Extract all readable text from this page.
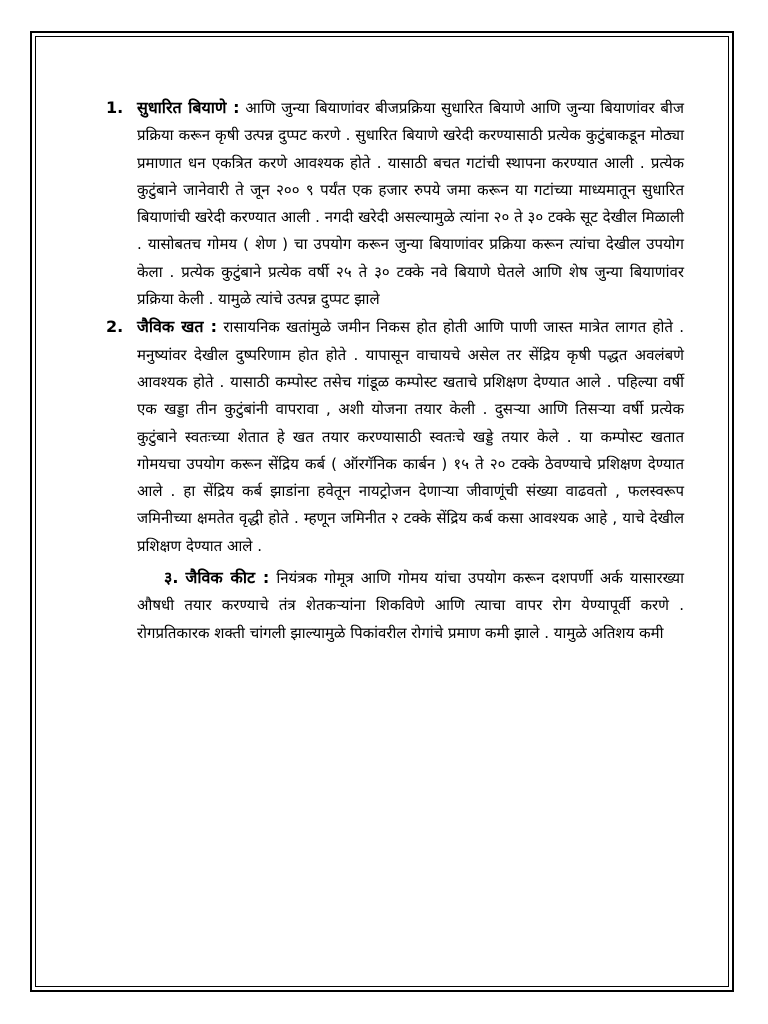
1. सुधारित बियाणे : आणि जुन्या बियाणांवर बीजप्रक्रिया सुधारित बियाणे आणि जुन्या बियाणांवर बीज प्रक्रिया करून कृषी उत्पन्न दुप्पट करणे . सुधारित बियाणे खरेदी करण्यासाठी प्रत्येक कुटुंबाकडून मोठ्या प्रमाणात धन एकत्रित करणे आवश्यक होते . यासाठी बचत गटांची स्थापना करण्यात आली . प्रत्येक कुटुंबाने जानेवारी ते जून २०० ९ पर्यंत एक हजार रुपये जमा करून या गटांच्या माध्यमातून सुधारित बियाणांची खरेदी करण्यात आली . नगदी खरेदी असल्यामुळे त्यांना २० ते ३० टक्के सूट देखील मिळाली . यासोबतच गोमय ( शेण ) चा उपयोग करून जुन्या बियाणांवर प्रक्रिया करून त्यांचा देखील उपयोग केला . प्रत्येक कुटुंबाने प्रत्येक वर्षी २५ ते ३० टक्के नवे बियाणे घेतले आणि शेष जुन्या बियाणांवर प्रक्रिया केली . यामुळे त्यांचे उत्पन्न दुप्पट झाले
2. जैविक खत : रासायनिक खतांमुळे जमीन निकस होत होती आणि पाणी जास्त मात्रेत लागत होते . मनुष्यांवर देखील दुष्परिणाम होत होते . यापासून वाचायचे असेल तर सेंद्रिय कृषी पद्धत अवलंबणे आवश्यक होते . यासाठी कम्पोस्ट तसेच गांडूळ कम्पोस्ट खताचे प्रशिक्षण देण्यात आले . पहिल्या वर्षी एक खड्डा तीन कुटुंबांनी वापरावा , अशी योजना तयार केली . दुसऱ्या आणि तिसऱ्या वर्षी प्रत्येक कुटुंबाने स्वतःच्या शेतात हे खत तयार करण्यासाठी स्वतःचे खड्डे तयार केले . या कम्पोस्ट खतात गोमयचा उपयोग करून सेंद्रिय कर्ब ( ऑरगॅनिक कार्बन ) १५ ते २० टक्के ठेवण्याचे प्रशिक्षण देण्यात आले . हा सेंद्रिय कर्ब झाडांना हवेतून नायट्रोजन देणाऱ्या जीवाणूंची संख्या वाढवतो , फलस्वरूप जमिनीच्या क्षमतेत वृद्धी होते . म्हणून जमिनीत २ टक्के सेंद्रिय कर्ब कसा आवश्यक आहे , याचे देखील प्रशिक्षण देण्यात आले .
३. जैविक कीट : नियंत्रक गोमूत्र आणि गोमय यांचा उपयोग करून दशपर्णी अर्क यासारख्या औषधी तयार करण्याचे तंत्र शेतकऱ्यांना शिकविणे आणि त्याचा वापर रोग येण्यापूर्वी करणे . रोगप्रतिकारक शक्ती चांगली झाल्यामुळे पिकांवरील रोगांचे प्रमाण कमी झाले . यामुळे अतिशय कमी
